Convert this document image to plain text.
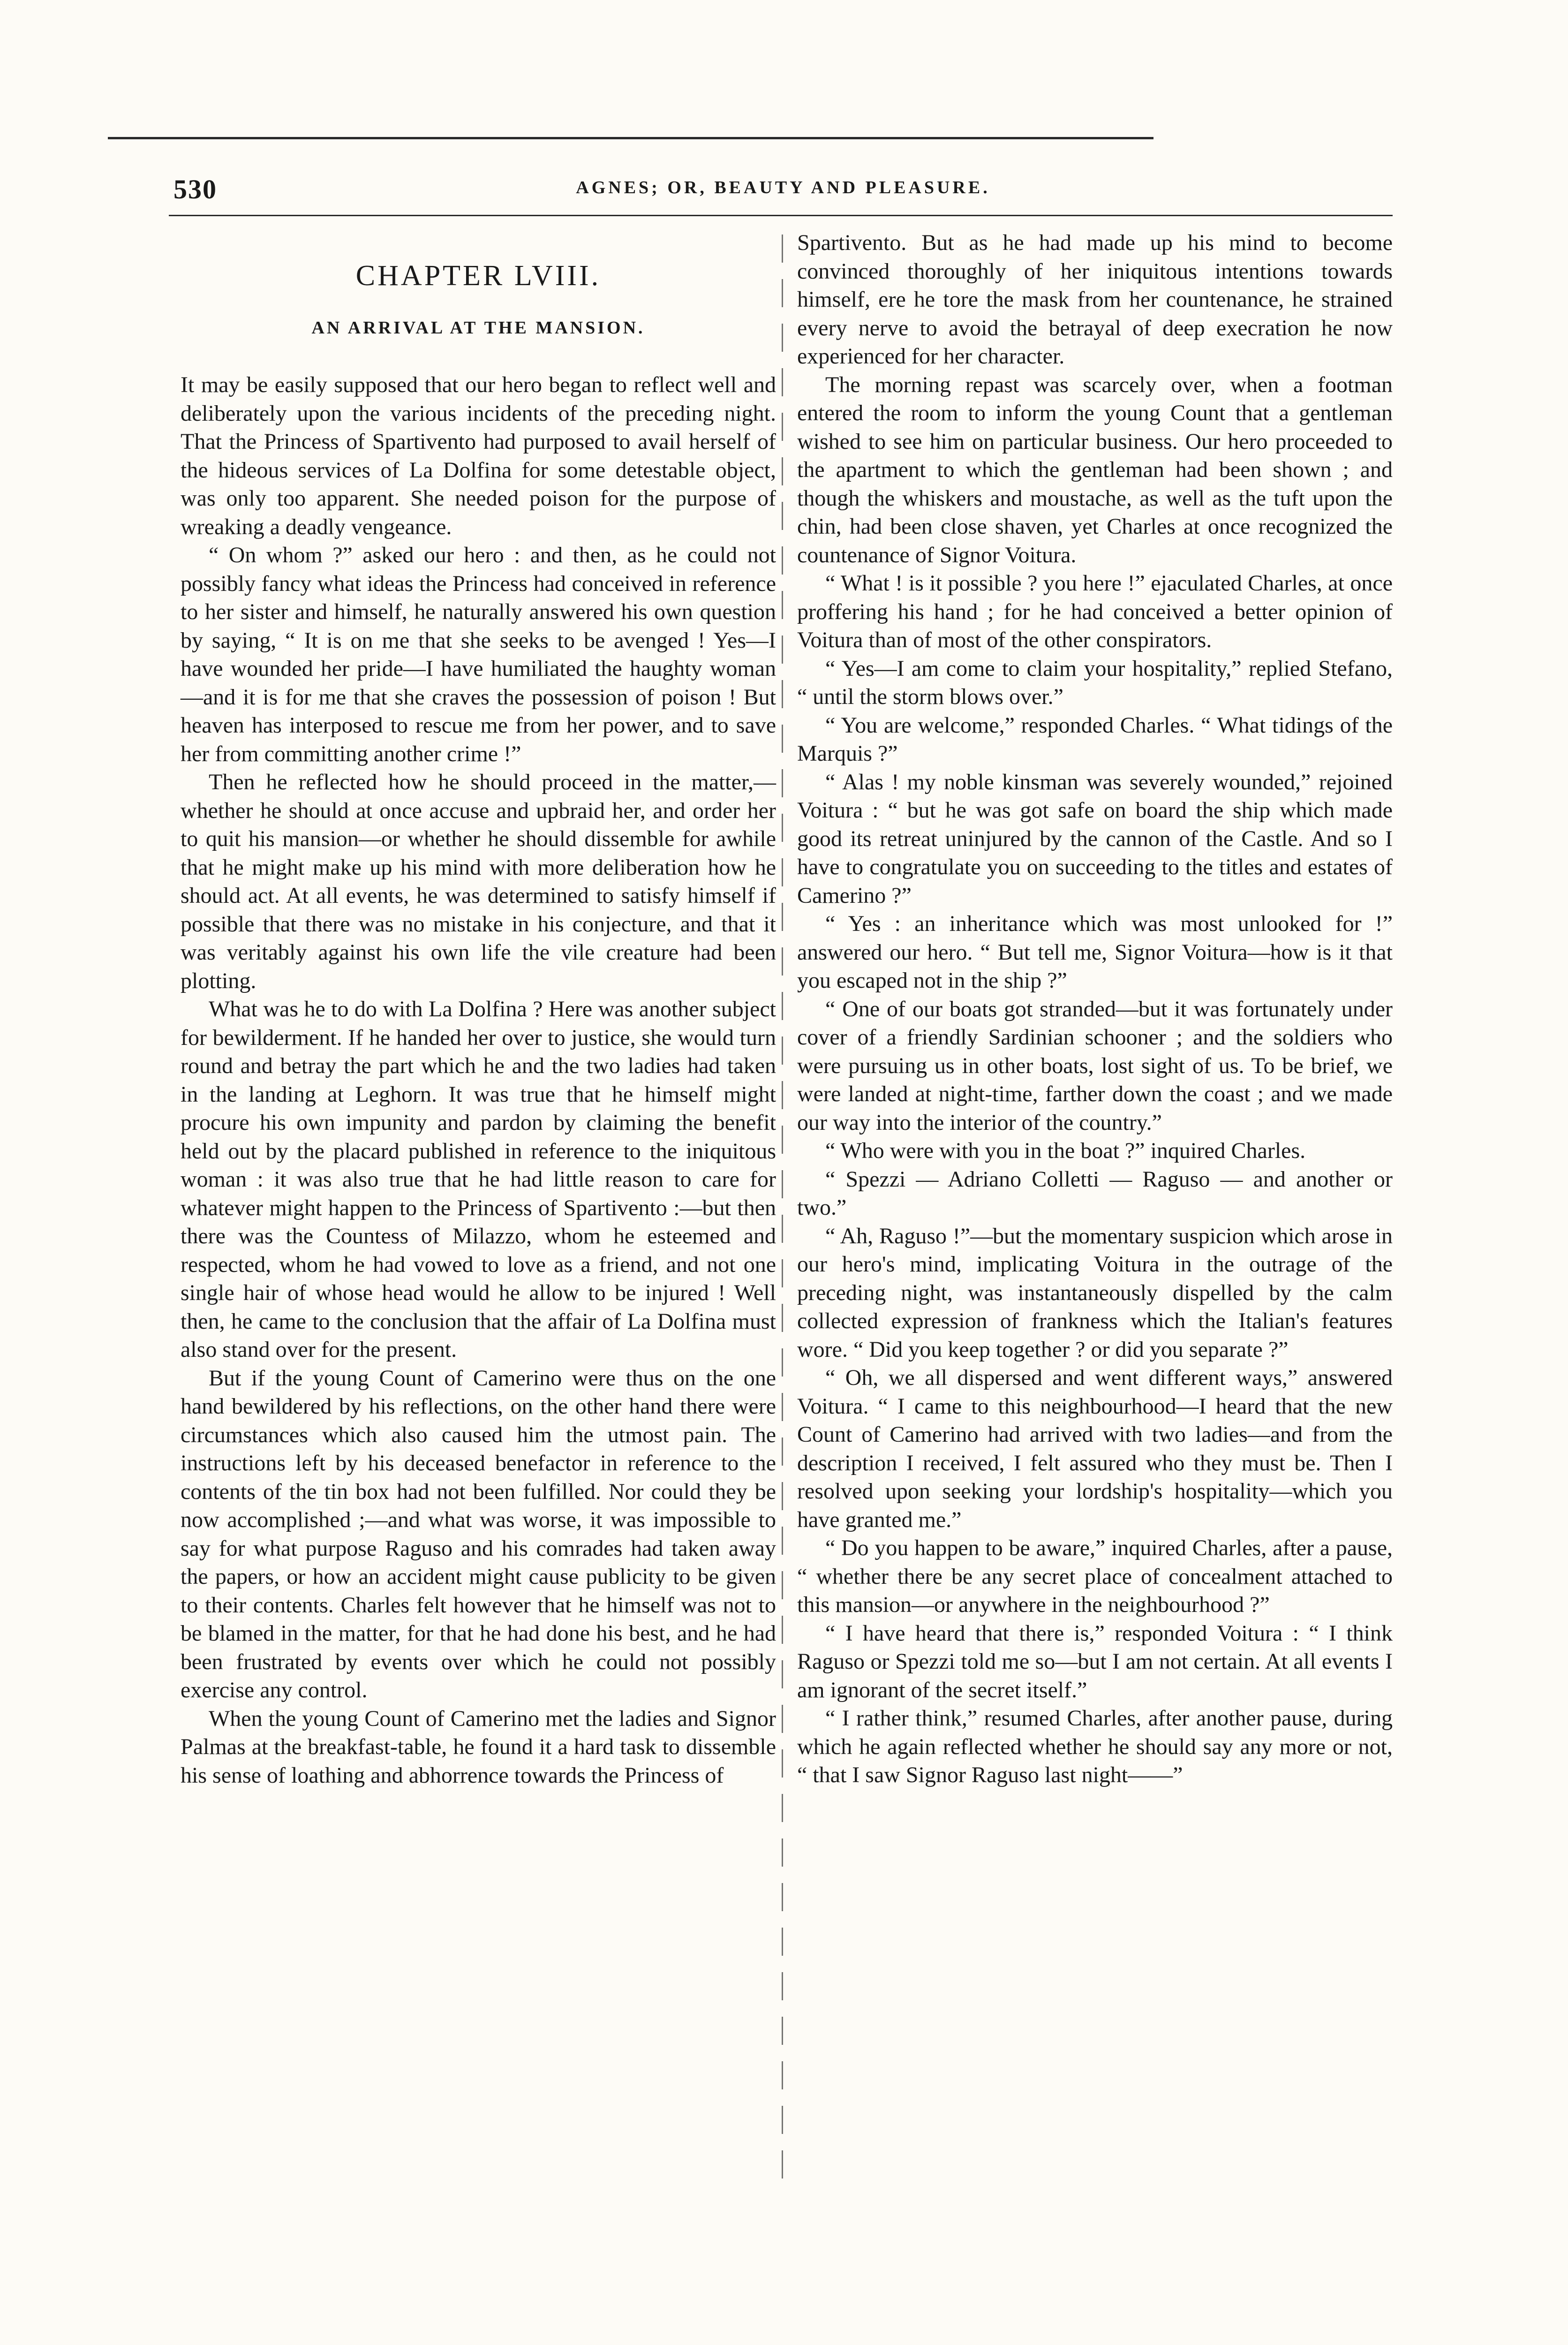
530	AGNES; OR, BEAUTY AND PLEASURE.
CHAPTER LVIII.
AN ARRIVAL AT THE MANSION.

It may be easily supposed that our hero began to reflect well and deliberately upon the various incidents of the preceding night. That the Princess of Spartivento had purposed to avail herself of the hideous services of La Dolfina for some detestable object, was only too apparent. She needed poison for the purpose of wreaking a deadly vengeance.

“ On whom ?” asked our hero : and then, as he could not possibly fancy what ideas the Princess had conceived in reference to her sister and himself, he naturally answered his own question by saying, “ It is on me that she seeks to be avenged ! Yes—I have wounded her pride—I have humiliated the haughty woman—and it is for me that she craves the possession of poison ! But heaven has interposed to rescue me from her power, and to save her from committing another crime !”

Then he reflected how he should proceed in the matter,—whether he should at once accuse and upbraid her, and order her to quit his mansion—or whether he should dissemble for awhile that he might make up his mind with more deliberation how he should act. At all events, he was determined to satisfy himself if possible that there was no mistake in his conjecture, and that it was veritably against his own life the vile creature had been plotting.

What was he to do with La Dolfina ? Here was another subject for bewilderment. If he handed her over to justice, she would turn round and betray the part which he and the two ladies had taken in the landing at Leghorn. It was true that he himself might procure his own impunity and pardon by claiming the benefit held out by the placard published in reference to the iniquitous woman : it was also true that he had little reason to care for whatever might happen to the Princess of Spartivento :—but then there was the Countess of Milazzo, whom he esteemed and respected, whom he had vowed to love as a friend, and not one single hair of whose head would he allow to be injured ! Well then, he came to the conclusion that the affair of La Dolfina must also stand over for the present.

But if the young Count of Camerino were thus on the one hand bewildered by his reflections, on the other hand there were circumstances which also caused him the utmost pain. The instructions left by his deceased benefactor in reference to the contents of the tin box had not been fulfilled. Nor could they be now accomplished ;—and what was worse, it was impossible to say for what purpose Raguso and his comrades had taken away the papers, or how an accident might cause publicity to be given to their contents. Charles felt however that he himself was not to be blamed in the matter, for that he had done his best, and he had been frustrated by events over which he could not possibly exercise any control.

When the young Count of Camerino met the ladies and Signor Palmas at the breakfast-table, he found it a hard task to dissemble his sense of loathing and abhorrence towards the Princess of

Spartivento. But as he had made up his mind to become convinced thoroughly of her iniquitous intentions towards himself, ere he tore the mask from her countenance, he strained every nerve to avoid the betrayal of deep execration he now experienced for her character.

The morning repast was scarcely over, when a footman entered the room to inform the young Count that a gentleman wished to see him on particular business. Our hero proceeded to the apartment to which the gentleman had been shown ; and though the whiskers and moustache, as well as the tuft upon the chin, had been close shaven, yet Charles at once recognized the countenance of Signor Voitura.

“ What ! is it possible ? you here !” ejaculated Charles, at once proffering his hand ; for he had conceived a better opinion of Voitura than of most of the other conspirators.

“ Yes—I am come to claim your hospitality,” replied Stefano, “ until the storm blows over.”

“ You are welcome,” responded Charles. “ What tidings of the Marquis ?”

“ Alas ! my noble kinsman was severely wounded,” rejoined Voitura : “ but he was got safe on board the ship which made good its retreat uninjured by the cannon of the Castle. And so I have to congratulate you on succeeding to the titles and estates of Camerino ?”

“ Yes : an inheritance which was most unlooked for !” answered our hero. “ But tell me, Signor Voitura—how is it that you escaped not in the ship ?”

“ One of our boats got stranded—but it was fortunately under cover of a friendly Sardinian schooner ; and the soldiers who were pursuing us in other boats, lost sight of us. To be brief, we were landed at night-time, farther down the coast ; and we made our way into the interior of the country.”

“ Who were with you in the boat ?” inquired Charles.

“ Spezzi — Adriano Colletti — Raguso — and another or two.”

“ Ah, Raguso !”—but the momentary suspicion which arose in our hero's mind, implicating Voitura in the outrage of the preceding night, was instantaneously dispelled by the calm collected expression of frankness which the Italian's features wore. “ Did you keep together ? or did you separate ?”

“ Oh, we all dispersed and went different ways,” answered Voitura. “ I came to this neighbourhood—I heard that the new Count of Camerino had arrived with two ladies—and from the description I received, I felt assured who they must be. Then I resolved upon seeking your lordship's hospitality—which you have granted me.”

“ Do you happen to be aware,” inquired Charles, after a pause, “ whether there be any secret place of concealment attached to this mansion—or anywhere in the neighbourhood ?”

“ I have heard that there is,” responded Voitura : “ I think Raguso or Spezzi told me so—but I am not certain. At all events I am ignorant of the secret itself.”

“ I rather think,” resumed Charles, after another pause, during which he again reflected whether he should say any more or not, “ that I saw Signor Raguso last night——”
